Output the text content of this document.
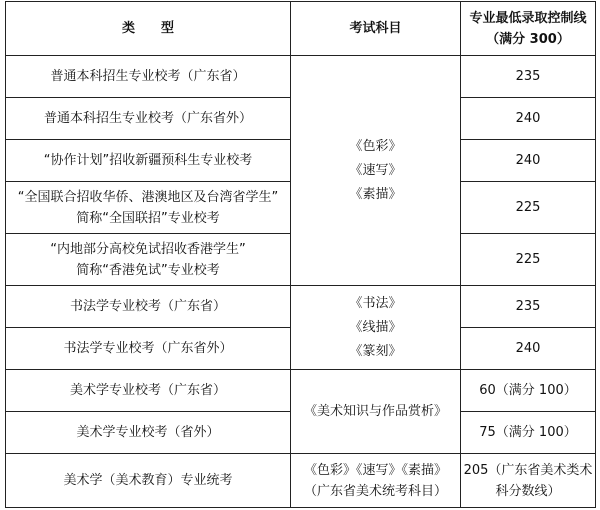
类　　型	考试科目	专业最低录取控制线
（满分 300）

普通本科招生专业校考（广东省）	《色彩》
《速写》
《素描》	235
普通本科招生专业校考（广东省外）		240
“协作计划”招收新疆预科生专业校考		240

“全国联合招收华侨、港澳地区及台湾省学生”
简称“全国联招”专业校考		225

“内地部分高校免试招收香港学生”
简称“香港免试”专业校考		225
书法学专业校考（广东省）	《书法》
《线描》
《篆刻》	235
书法学专业校考（广东省外）		240
美术学专业校考（广东省）	《美术知识与作品赏析》	60（满分 100）
美术学专业校考（省外）		75（满分 100）
美术学（美术教育）专业统考	《色彩》《速写》《素描》
（广东省美术统考科目）	205（广东省美术类术
科分数线）
